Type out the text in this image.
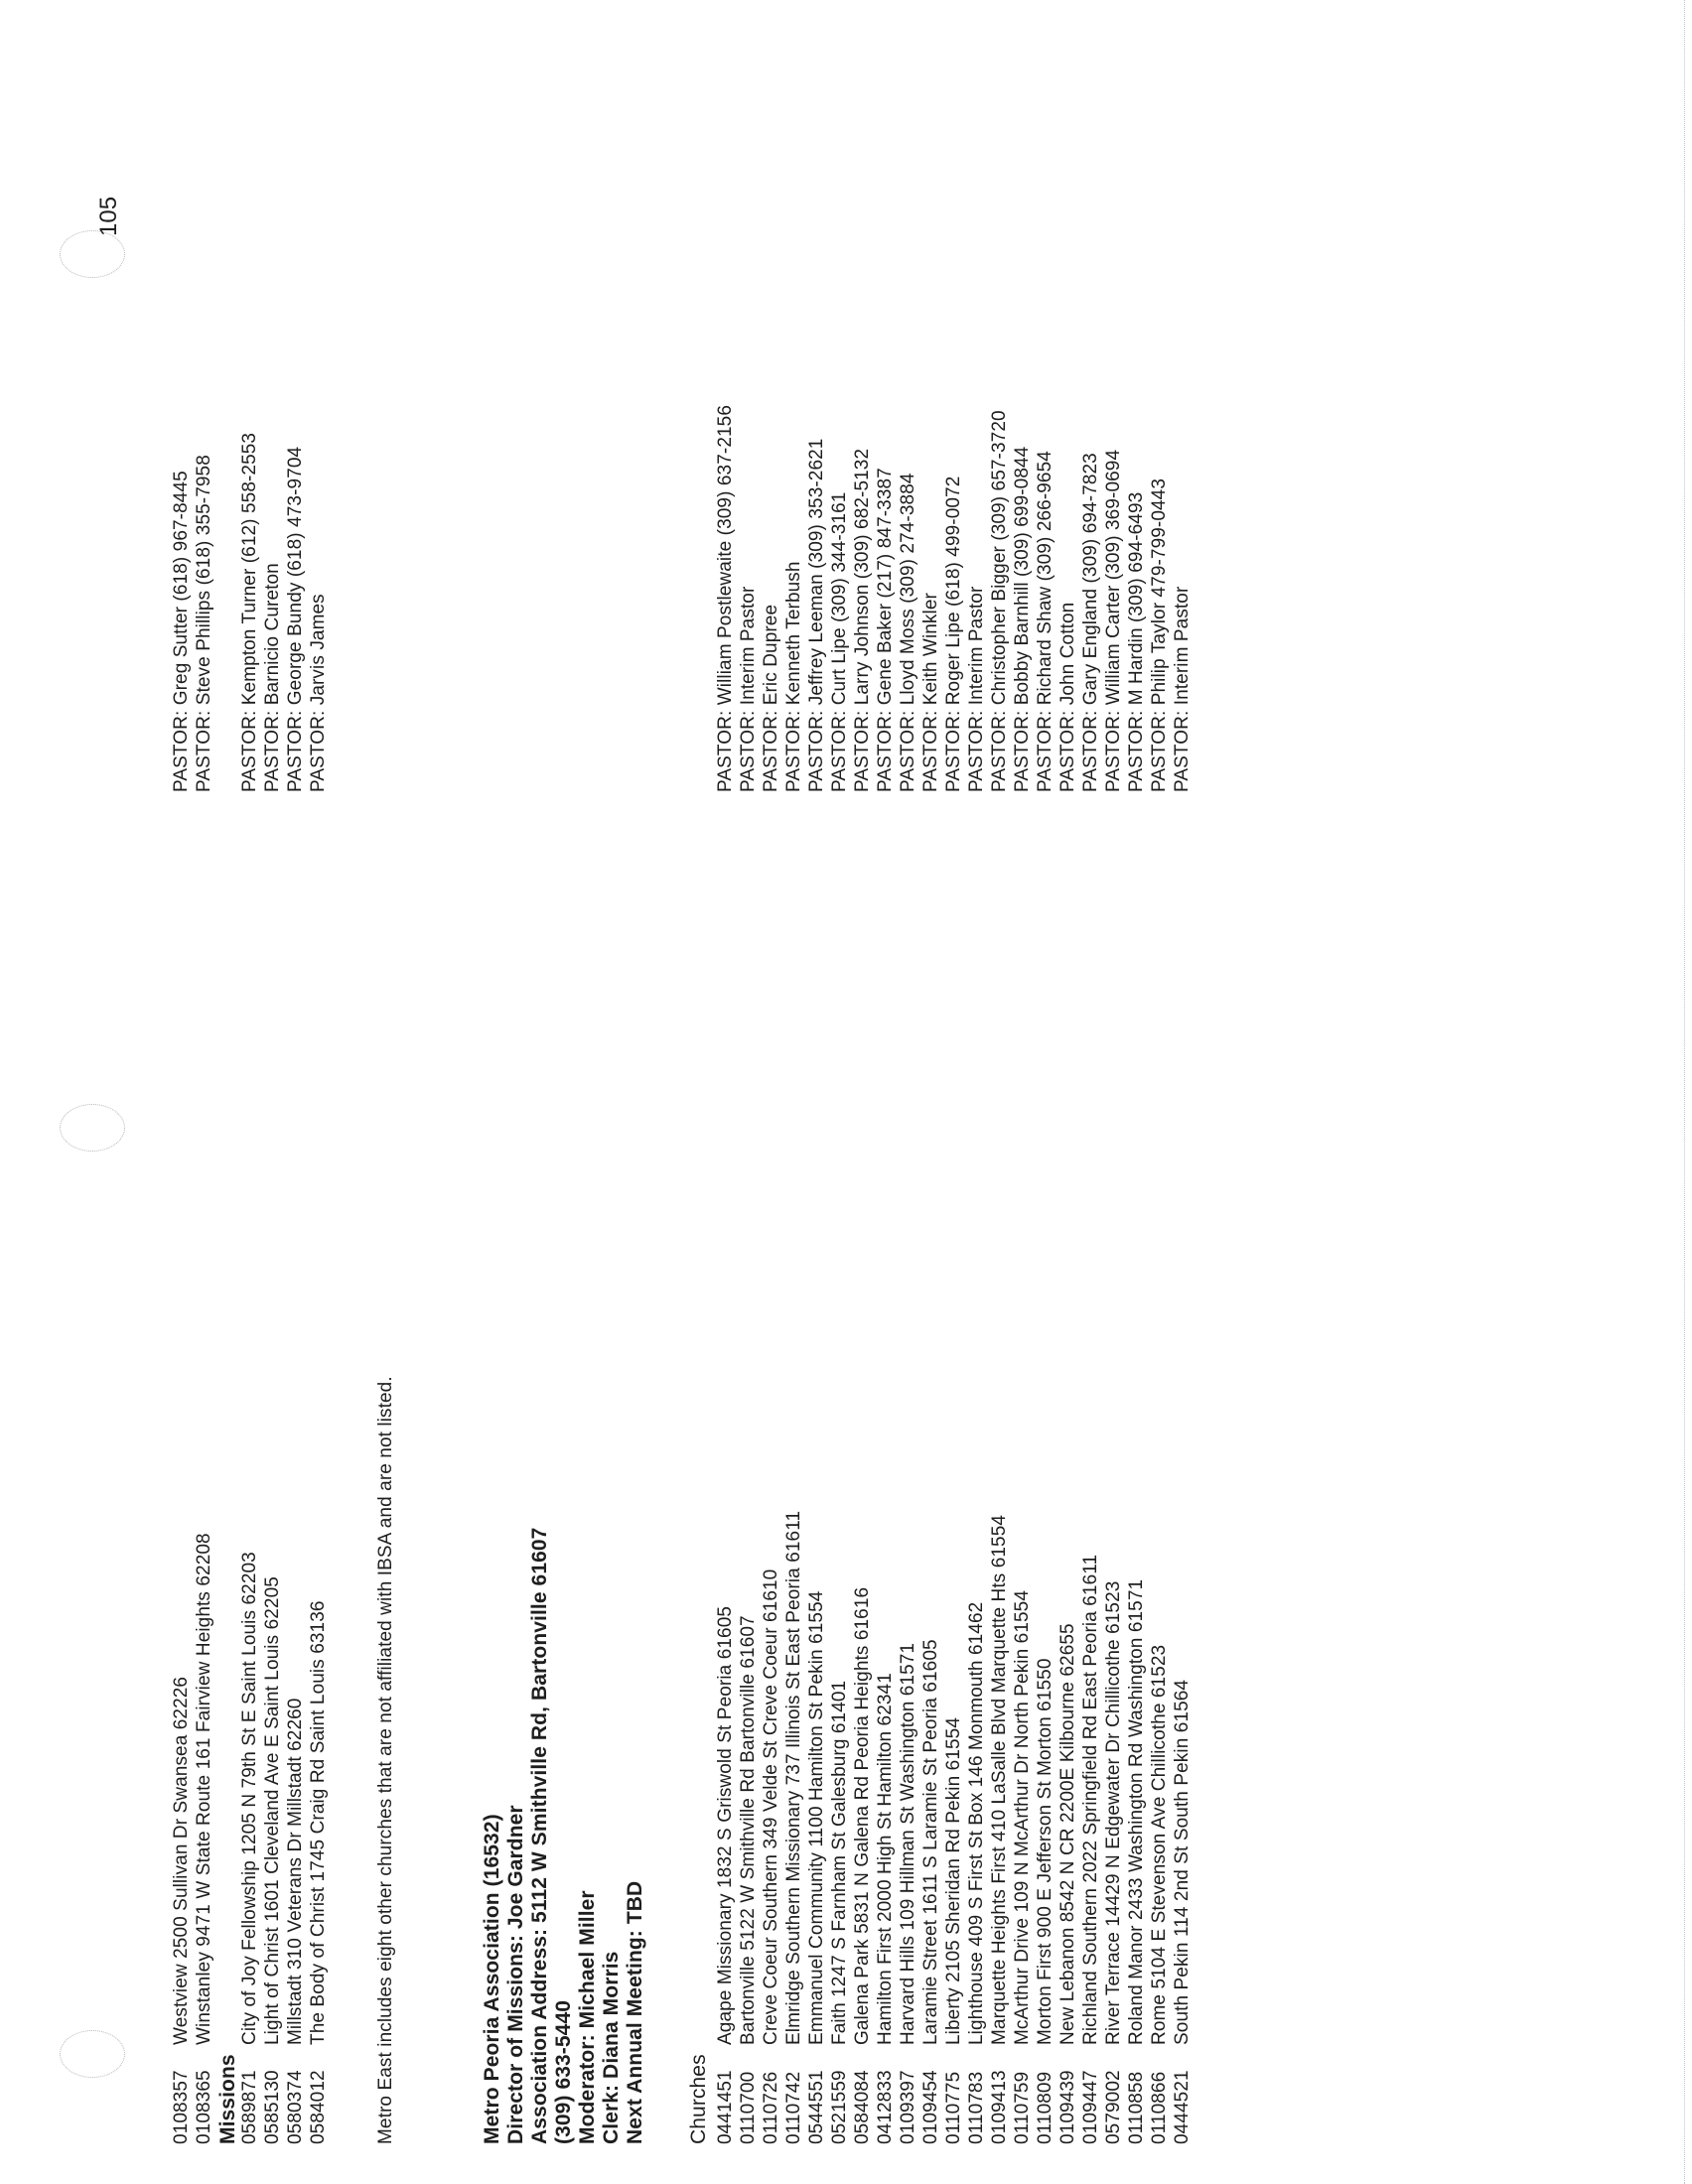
105
0108357
Westview 2500 Sullivan Dr Swansea 62226
PASTOR: Greg Sutter (618) 967-8445
0108365
Winstanley 9471 W State Route 161 Fairview Heights 62208
PASTOR: Steve Phillips (618) 355-7958
Missions 0589871
City of Joy Fellowship 1205 N 79th St E Saint Louis 62203
PASTOR: Kempton Turner (612) 558-2553
0585130
Light of Christ 1601 Cleveland Ave E Saint Louis 62205
PASTOR: Barnicio Cureton
0580374
Millstadt 310 Veterans Dr Millstadt 62260
PASTOR: George Bundy (618) 473-9704
0584012
The Body of Christ 1745 Craig Rd Saint Louis 63136
PASTOR: Jarvis James
Metro East includes eight other churches that are not affiliated with IBSA and are not listed.	Metro Peoria Association (16532) Director of Missions: Joe Gardner Association Address: 5112 W Smithville Rd, Bartonville 61607 (309) 633-5440 Moderator: Michael Miller Clerk: Diana Morris Next Annual Meeting: TBD Churches 0441451
Agape Missionary 1832 S Griswold St Peoria 61605
PASTOR: William Postlewaite (309) 637-2156
0110700
Bartonville 5122 W Smithville Rd Bartonville 61607
PASTOR: Interim Pastor
0110726
Creve Coeur Southern 349 Velde St Creve Coeur 61610
PASTOR: Eric Dupree
0110742
Elmridge Southern Missionary 737 Illinois St East Peoria 61611
PASTOR: Kenneth Terbush
0544551
Emmanuel Community 1100 Hamilton St Pekin 61554
PASTOR: Jeffrey Leeman (309) 353-2621
0521559
Faith 1247 S Farnham St Galesburg 61401
PASTOR: Curt Lipe (309) 344-3161
0584084
Galena Park 5831 N Galena Rd Peoria Heights 61616
PASTOR: Larry Johnson (309) 682-5132
0412833
Hamilton First 2000 High St Hamilton 62341
PASTOR: Gene Baker (217) 847-3387
0109397
Harvard Hills 109 Hillman St Washington 61571
PASTOR: Lloyd Moss (309) 274-3884
0109454
Laramie Street 1611 S Laramie St Peoria 61605
PASTOR: Keith Winkler
0110775
Liberty 2105 Sheridan Rd Pekin 61554
PASTOR: Roger Lipe (618) 499-0072
0110783
Lighthouse 409 S First St Box 146 Monmouth 61462
PASTOR: Interim Pastor
0109413
Marquette Heights First 410 LaSalle Blvd Marquette Hts 61554
PASTOR: Christopher Bigger (309) 657-3720
0110759
McArthur Drive 109 N McArthur Dr North Pekin 61554
PASTOR: Bobby Barnhill (309) 699-0844
0110809
Morton First 900 E Jefferson St Morton 61550
PASTOR: Richard Shaw (309) 266-9654
0109439
New Lebanon 8542 N CR 2200E Kilbourne 62655
PASTOR: John Cotton
0109447
Richland Southern 2022 Springfield Rd East Peoria 61611
PASTOR: Gary England (309) 694-7823
0579002
River Terrace 14429 N Edgewater Dr Chillicothe 61523
PASTOR: William Carter (309) 369-0694
0110858
Roland Manor 2433 Washington Rd Washington 61571
PASTOR: M Hardin (309) 694-6493
0110866
Rome 5104 E Stevenson Ave Chillicothe 61523
PASTOR: Philip Taylor 479-799-0443
0444521
South Pekin 114 2nd St South Pekin 61564
PASTOR: Interim Pastor
